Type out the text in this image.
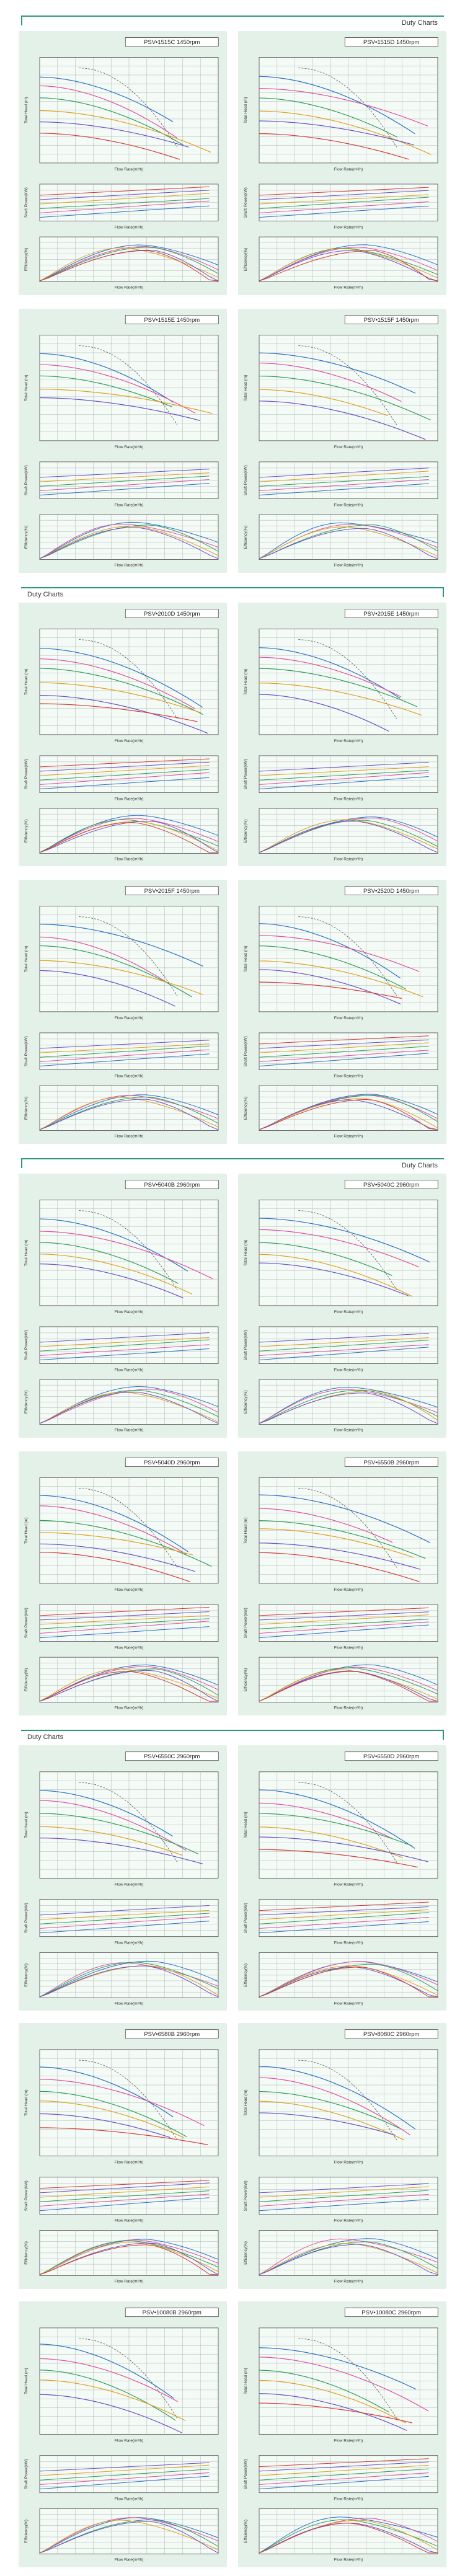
Duty Charts
PSV•1515C 1450rpm
Total Head (m)
Shaft Power(kW)
Efficiency(%)
Flow Rate(m³/h)
Flow Rate(m³/h)
Flow Rate(m³/h)
PSV•1515D 1450rpm
Total Head (m)
Shaft Power(kW)
Efficiency(%)
Flow Rate(m³/h)
Flow Rate(m³/h)
Flow Rate(m³/h)
PSV•1515E 1450rpm
Total Head (m)
Shaft Power(kW)
Efficiency(%)
Flow Rate(m³/h)
Flow Rate(m³/h)
Flow Rate(m³/h)
PSV•1515F 1450rpm
Total Head (m)
Shaft Power(kW)
Efficiency(%)
Flow Rate(m³/h)
Flow Rate(m³/h)
Flow Rate(m³/h)
Duty Charts
PSV•2010D 1450rpm
Total Head (m)
Shaft Power(kW)
Efficiency(%)
Flow Rate(m³/h)
Flow Rate(m³/h)
Flow Rate(m³/h)
PSV•2015E 1450rpm
Total Head (m)
Shaft Power(kW)
Efficiency(%)
Flow Rate(m³/h)
Flow Rate(m³/h)
Flow Rate(m³/h)
PSV•2015F 1450rpm
Total Head (m)
Shaft Power(kW)
Efficiency(%)
Flow Rate(m³/h)
Flow Rate(m³/h)
Flow Rate(m³/h)
PSV•2520D 1450rpm
Total Head (m)
Shaft Power(kW)
Efficiency(%)
Flow Rate(m³/h)
Flow Rate(m³/h)
Flow Rate(m³/h)
Duty Charts
PSV•5040B 2960rpm
Total Head (m)
Shaft Power(kW)
Efficiency(%)
Flow Rate(m³/h)
Flow Rate(m³/h)
Flow Rate(m³/h)
PSV•5040C 2960rpm
Total Head (m)
Shaft Power(kW)
Efficiency(%)
Flow Rate(m³/h)
Flow Rate(m³/h)
Flow Rate(m³/h)
PSV•5040D 2960rpm
Total Head (m)
Shaft Power(kW)
Efficiency(%)
Flow Rate(m³/h)
Flow Rate(m³/h)
Flow Rate(m³/h)
PSV•6550B 2960rpm
Total Head (m)
Shaft Power(kW)
Efficiency(%)
Flow Rate(m³/h)
Flow Rate(m³/h)
Flow Rate(m³/h)
Duty Charts
PSV•6550C 2960rpm
Total Head (m)
Shaft Power(kW)
Efficiency(%)
Flow Rate(m³/h)
Flow Rate(m³/h)
Flow Rate(m³/h)
PSV•6550D 2960rpm
Total Head (m)
Shaft Power(kW)
Efficiency(%)
Flow Rate(m³/h)
Flow Rate(m³/h)
Flow Rate(m³/h)
PSV•6580B 2960rpm
Total Head (m)
Shaft Power(kW)
Efficiency(%)
Flow Rate(m³/h)
Flow Rate(m³/h)
Flow Rate(m³/h)
PSV•8080C 2960rpm
Total Head (m)
Shaft Power(kW)
Efficiency(%)
Flow Rate(m³/h)
Flow Rate(m³/h)
Flow Rate(m³/h)
PSV•10080B 2960rpm
Total Head (m)
Shaft Power(kW)
Efficiency(%)
Flow Rate(m³/h)
Flow Rate(m³/h)
Flow Rate(m³/h)
PSV•10080C 2960rpm
Total Head (m)
Shaft Power(kW)
Efficiency(%)
Flow Rate(m³/h)
Flow Rate(m³/h)
Flow Rate(m³/h)
